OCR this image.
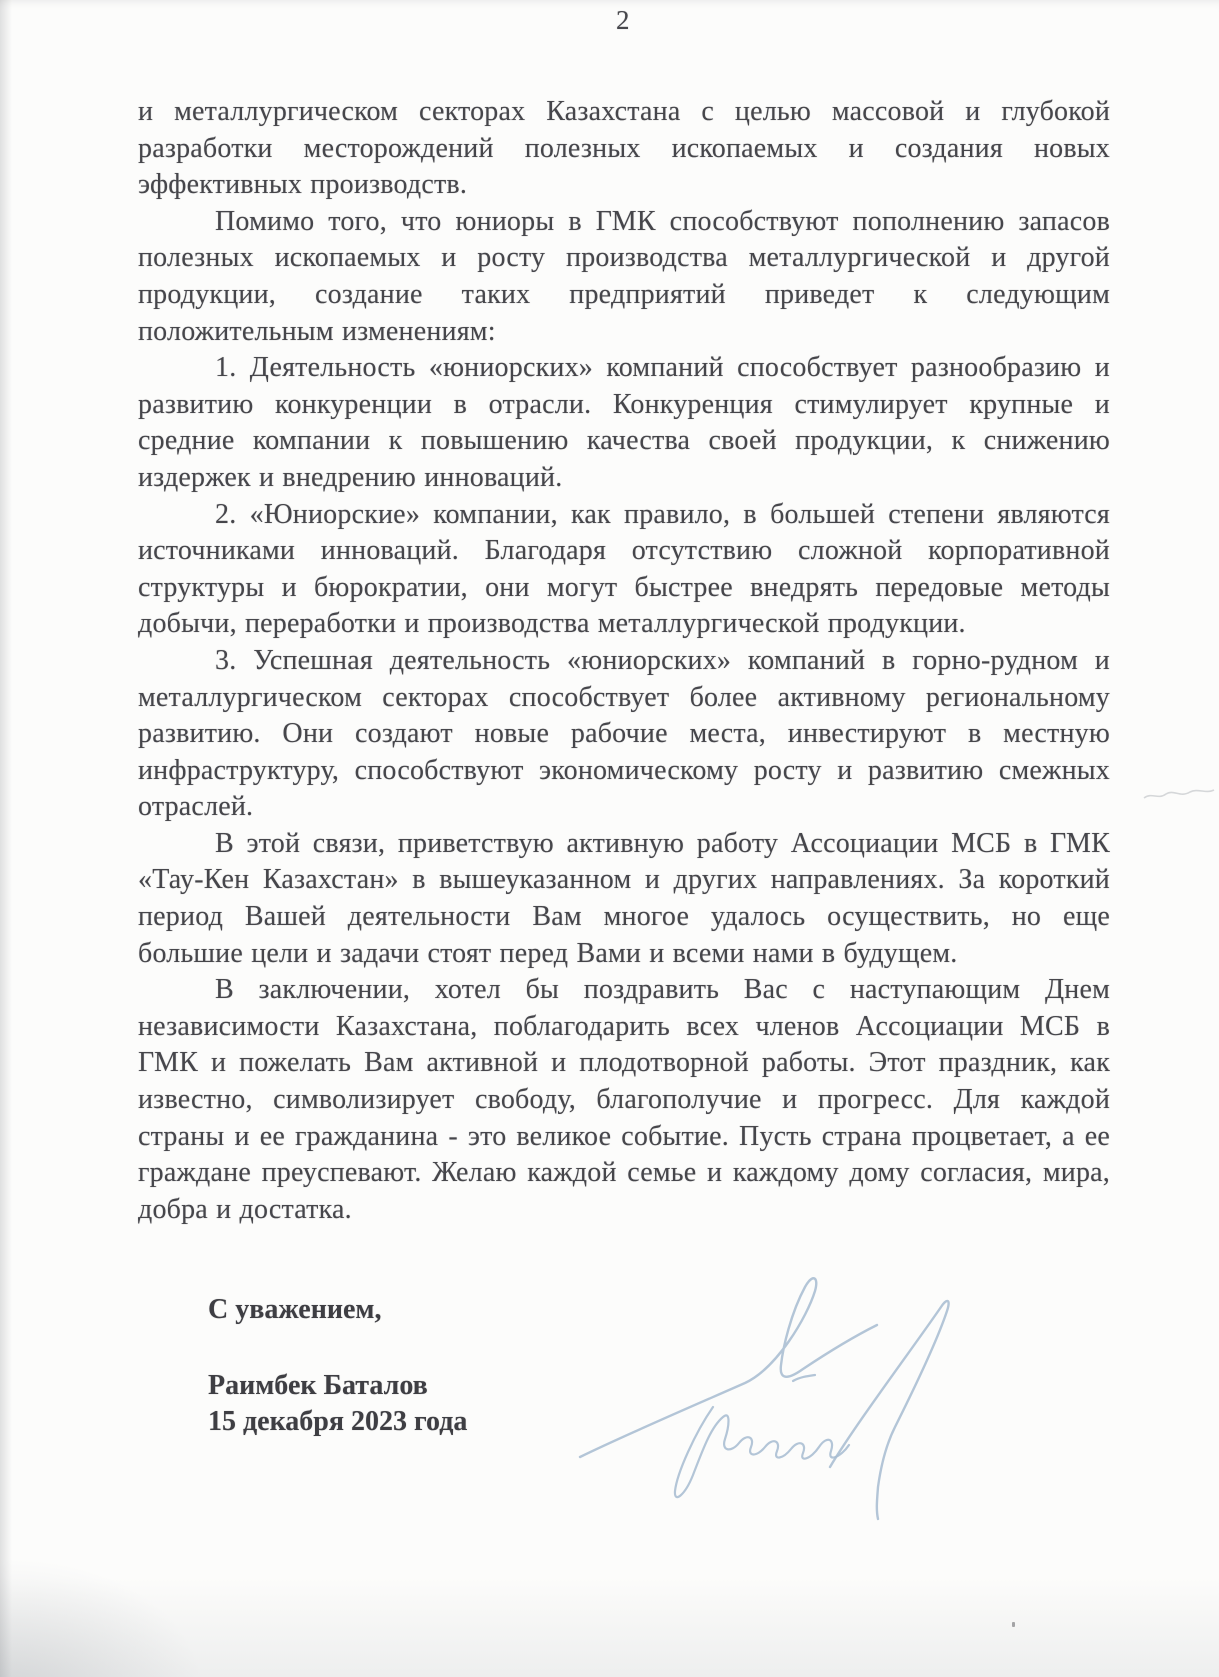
2

и металлургическом секторах Казахстана с целью массовой и глубокой разработки месторождений полезных ископаемых и создания новых эффективных производств.

Помимо того, что юниоры в ГМК способствуют пополнению запасов полезных ископаемых и росту производства металлургической и другой продукции, создание таких предприятий приведет к следующим положительным изменениям:

1. Деятельность «юниорских» компаний способствует разнообразию и развитию конкуренции в отрасли. Конкуренция стимулирует крупные и средние компании к повышению качества своей продукции, к снижению издержек и внедрению инноваций.

2. «Юниорские» компании, как правило, в большей степени являются источниками инноваций. Благодаря отсутствию сложной корпоративной структуры и бюрократии, они могут быстрее внедрять передовые методы добычи, переработки и производства металлургической продукции.

3. Успешная деятельность «юниорских» компаний в горно-рудном и металлургическом секторах способствует более активному региональному развитию. Они создают новые рабочие места, инвестируют в местную инфраструктуру, способствуют экономическому росту и развитию смежных отраслей.

В этой связи, приветствую активную работу Ассоциации МСБ в ГМК «Тау-Кен Казахстан» в вышеуказанном и других направлениях. За короткий период Вашей деятельности Вам многое удалось осуществить, но еще большие цели и задачи стоят перед Вами и всеми нами в будущем.

В заключении, хотел бы поздравить Вас с наступающим Днем независимости Казахстана, поблагодарить всех членов Ассоциации МСБ в ГМК и пожелать Вам активной и плодотворной работы. Этот праздник, как известно, символизирует свободу, благополучие и прогресс. Для каждой страны и ее гражданина - это великое событие. Пусть страна процветает, а ее граждане преуспевают. Желаю каждой семье и каждому дому согласия, мира, добра и достатка.

С уважением,
Раимбек Баталов
15 декабря 2023 года
